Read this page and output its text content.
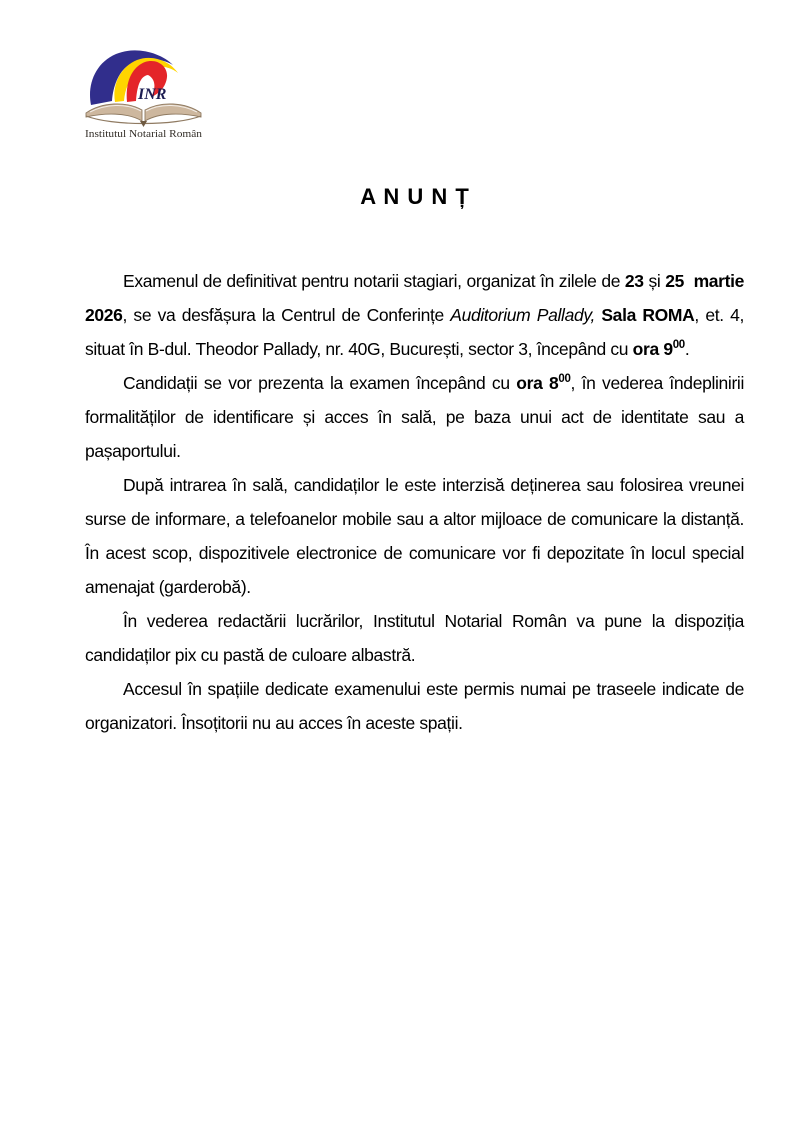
INR
Institutul Notarial Român
A N U N Ț

Examenul de definitivat pentru notarii stagiari, organizat în zilele de 23 și 25  martie 2026, se va desfășura la Centrul de Conferințe Auditorium Pallady, Sala ROMA, et. 4, situat în B-dul. Theodor Pallady, nr. 40G, București, sector 3, începând cu ora $9^{00}$.

Candidații se vor prezenta la examen începând cu ora $8^{00}$, în vederea îndeplinirii formalităților de identificare și acces în sală, pe baza unui act de identitate sau a pașaportului.

După intrarea în sală, candidaților le este interzisă deținerea sau folosirea vreunei surse de informare, a telefoanelor mobile sau a altor mijloace de comunicare la distanță. În acest scop, dispozitivele electronice de comunicare vor fi depozitate în locul special amenajat (garderobă).

În vederea redactării lucrărilor, Institutul Notarial Român va pune la dispoziția candidaților pix cu pastă de culoare albastră.

Accesul în spațiile dedicate examenului este permis numai pe traseele indicate de organizatori. Însoțitorii nu au acces în aceste spații.
